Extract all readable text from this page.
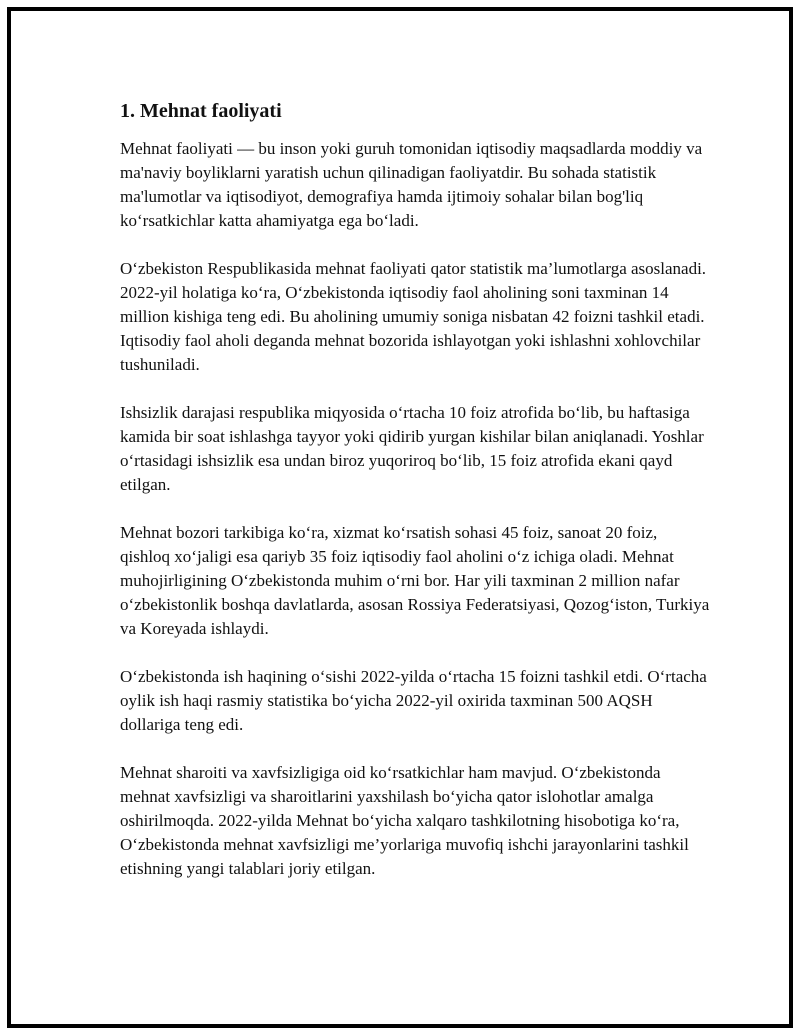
1. Mehnat faoliyati

Mehnat faoliyati — bu inson yoki guruh tomonidan iqtisodiy maqsadlarda moddiy va ma'naviy boyliklarni yaratish uchun qilinadigan faoliyatdir. Bu sohada statistik ma'lumotlar va iqtisodiyot, demografiya hamda ijtimoiy sohalar bilan bog'liq ko‘rsatkichlar katta ahamiyatga ega bo‘ladi.

O‘zbekiston Respublikasida mehnat faoliyati qator statistik ma’lumotlarga asoslanadi. 2022-yil holatiga ko‘ra, O‘zbekistonda iqtisodiy faol aholining soni taxminan 14 million kishiga teng edi. Bu aholining umumiy soniga nisbatan 42 foizni tashkil etadi. Iqtisodiy faol aholi deganda mehnat bozorida ishlayotgan yoki ishlashni xohlovchilar tushuniladi.

Ishsizlik darajasi respublika miqyosida o‘rtacha 10 foiz atrofida bo‘lib, bu haftasiga kamida bir soat ishlashga tayyor yoki qidirib yurgan kishilar bilan aniqlanadi. Yoshlar o‘rtasidagi ishsizlik esa undan biroz yuqoriroq bo‘lib, 15 foiz atrofida ekani qayd etilgan.

Mehnat bozori tarkibiga ko‘ra, xizmat ko‘rsatish sohasi 45 foiz, sanoat 20 foiz, qishloq xo‘jaligi esa qariyb 35 foiz iqtisodiy faol aholini o‘z ichiga oladi. Mehnat muhojirligining O‘zbekistonda muhim o‘rni bor. Har yili taxminan 2 million nafar o‘zbekistonlik boshqa davlatlarda, asosan Rossiya Federatsiyasi, Qozog‘iston, Turkiya va Koreyada ishlaydi.

O‘zbekistonda ish haqining o‘sishi 2022-yilda o‘rtacha 15 foizni tashkil etdi. O‘rtacha oylik ish haqi rasmiy statistika bo‘yicha 2022-yil oxirida taxminan 500 AQSH dollariga teng edi.

Mehnat sharoiti va xavfsizligiga oid ko‘rsatkichlar ham mavjud. O‘zbekistonda mehnat xavfsizligi va sharoitlarini yaxshilash bo‘yicha qator islohotlar amalga oshirilmoqda. 2022-yilda Mehnat bo‘yicha xalqaro tashkilotning hisobotiga ko‘ra, O‘zbekistonda mehnat xavfsizligi me’yorlariga muvofiq ishchi jarayonlarini tashkil etishning yangi talablari joriy etilgan.
